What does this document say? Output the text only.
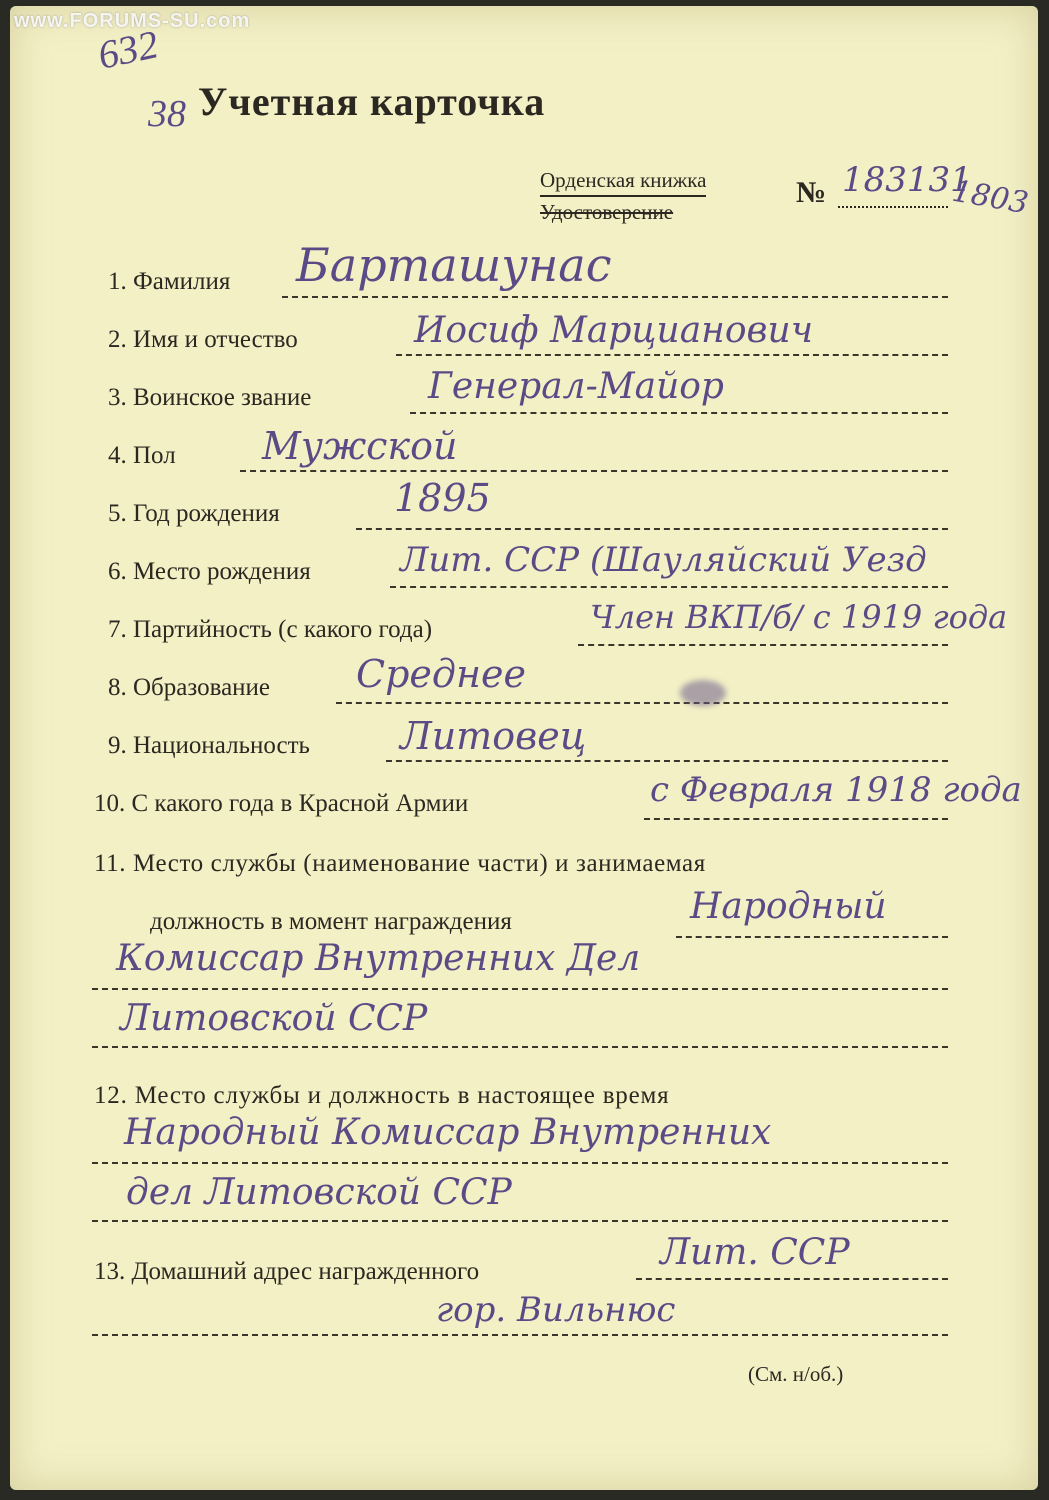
www.FORUMS-SU.com
632
38 Учетная карточка
Орденская книжка
Удостоверение
№ 183131
1803
1. Фамилия Барташунас
2. Имя и отчество	Иосиф Марцианович
3. Воинское звание	Генерал-Майор
4. Пол Мужской
5. Год рождения	1895
6. Место рождения	Лит. ССР (Шауляйский Уезд
7. Партийность (с какого года)	Член ВКП/б/ с 1919 года
8. Образование Среднее
9. Национальность Литовец
10. С какого года в Красной Армии	с Февраля 1918 года
11. Место службы (наименование части) и занимаемая
должность в момент награждения	Народный
Комиссар Внутренних Дел
Литовской ССР
12. Место службы и должность в настоящее время
Народный Комиссар Внутренних
дел Литовской ССР
13. Домашний адрес награжденного	Лит. ССР
гор. Вильнюс
(См. н/об.)
